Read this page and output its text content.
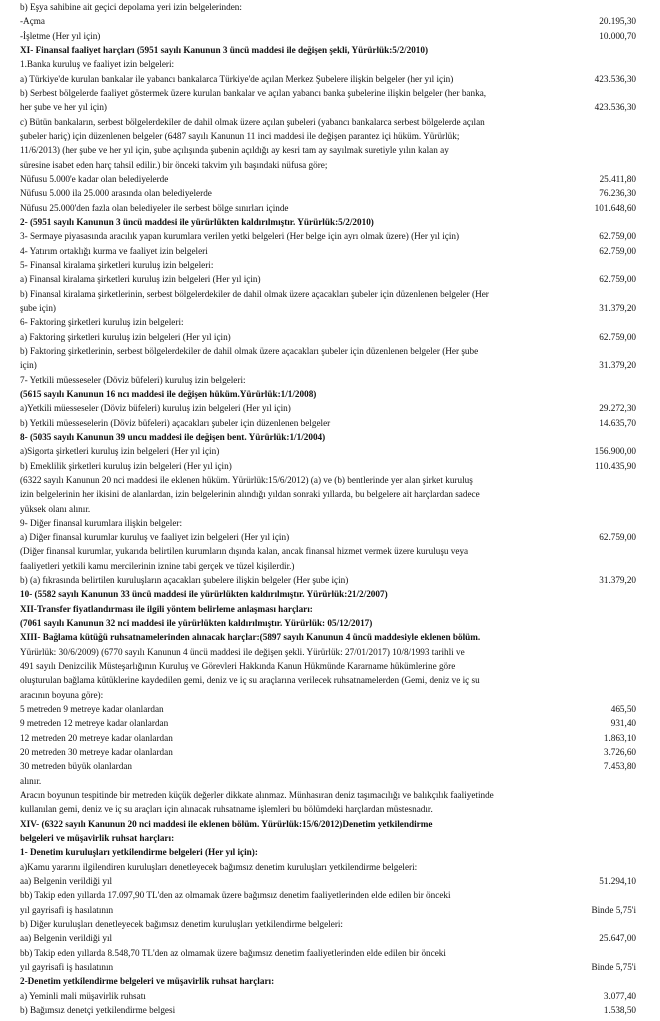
b) Eşya sahibine ait geçici depolama yeri izin belgelerinden:
-Açma	20.195,30
-İşletme (Her yıl için)	10.000,70
XI- Finansal faaliyet harçları (5951 sayılı Kanunun 3 üncü maddesi ile değişen şekli, Yürürlük:5/2/2010)
1.Banka kuruluş ve faaliyet izin belgeleri:
a) Türkiye'de kurulan bankalar ile yabancı bankalarca Türkiye'de açılan Merkez Şubelere ilişkin belgeler (her yıl için)	423.536,30
b) Serbest bölgelerde faaliyet göstermek üzere kurulan bankalar ve açılan yabancı banka şubelerine ilişkin belgeler (her banka,
her şube ve her yıl için)	423.536,30
c) Bütün bankaların, serbest bölgelerdekiler de dahil olmak üzere açılan şubeleri (yabancı bankalarca serbest bölgelerde açılan
şubeler hariç) için düzenlenen belgeler (6487 sayılı Kanunun 11 inci maddesi ile değişen parantez içi hüküm. Yürürlük;
11/6/2013) (her şube ve her yıl için, şube açılışında şubenin açıldığı ay kesri tam ay sayılmak suretiyle yılın kalan ay
süresine isabet eden harç tahsil edilir.) bir önceki takvim yılı başındaki nüfusa göre;
Nüfusu 5.000'e kadar olan belediyelerde	25.411,80
Nüfusu 5.000 ila 25.000 arasında olan belediyelerde	76.236,30
Nüfusu 25.000'den fazla olan belediyeler ile serbest bölge sınırları içinde	101.648,60
2- (5951 sayılı Kanunun 3 üncü maddesi ile yürürlükten kaldırılmıştır. Yürürlük:5/2/2010)
3- Sermaye piyasasında aracılık yapan kurumlara verilen yetki belgeleri (Her belge için ayrı olmak üzere) (Her yıl için)	62.759,00
4- Yatırım ortaklığı kurma ve faaliyet izin belgeleri	62.759,00
5- Finansal kiralama şirketleri kuruluş izin belgeleri:
a) Finansal kiralama şirketleri kuruluş izin belgeleri (Her yıl için)	62.759,00
b) Finansal kiralama şirketlerinin, serbest bölgelerdekiler de dahil olmak üzere açacakları şubeler için düzenlenen belgeler (Her
şube için)	31.379,20
6- Faktoring şirketleri kuruluş izin belgeleri:
a) Faktoring şirketleri kuruluş izin belgeleri (Her yıl için)	62.759,00
b) Faktoring şirketlerinin, serbest bölgelerdekiler de dahil olmak üzere açacakları şubeler için düzenlenen belgeler (Her şube
için)	31.379,20
7- Yetkili müesseseler (Döviz büfeleri) kuruluş izin belgeleri:
(5615 sayılı Kanunun 16 ncı maddesi ile değişen hüküm.Yürürlük:1/1/2008)
a)Yetkili müesseseler (Döviz büfeleri) kuruluş izin belgeleri (Her yıl için)	29.272,30
b) Yetkili müesseselerin (Döviz büfeleri) açacakları şubeler için düzenlenen belgeler	14.635,70
8- (5035 sayılı Kanunun 39 uncu maddesi ile değişen bent. Yürürlük:1/1/2004)
a)Sigorta şirketleri kuruluş izin belgeleri (Her yıl için)	156.900,00
b) Emeklilik şirketleri kuruluş izin belgeleri (Her yıl için)	110.435,90
(6322 sayılı Kanunun 20 nci maddesi ile eklenen hüküm. Yürürlük:15/6/2012) (a) ve (b) bentlerinde yer alan şirket kuruluş
izin belgelerinin her ikisini de alanlardan, izin belgelerinin alındığı yıldan sonraki yıllarda, bu belgelere ait harçlardan sadece
yüksek olanı alınır.
9- Diğer finansal kurumlara ilişkin belgeler:
a) Diğer finansal kurumlar kuruluş ve faaliyet izin belgeleri (Her yıl için)	62.759,00
(Diğer finansal kurumlar, yukarıda belirtilen kurumların dışında kalan, ancak finansal hizmet vermek üzere kuruluşu veya
faaliyetleri yetkili kamu mercilerinin iznine tabi gerçek ve tüzel kişilerdir.)
b) (a) fıkrasında belirtilen kuruluşların açacakları şubelere ilişkin belgeler (Her şube için)	31.379,20
10- (5582 sayılı Kanunun 33 üncü maddesi ile yürürlükten kaldırılmıştır. Yürürlük:21/2/2007)
XII-Transfer fiyatlandırması ile ilgili yöntem belirleme anlaşması harçları:
(7061 sayılı Kanunun 32 nci maddesi ile yürürlükten kaldırılmıştır. Yürürlük: 05/12/2017)
XIII- Bağlama kütüğü ruhsatnamelerinden alınacak harçlar:(5897 sayılı Kanunun 4 üncü maddesiyle eklenen bölüm.
Yürürlük: 30/6/2009) (6770 sayılı Kanunun 4 üncü maddesi ile değişen şekli. Yürürlük: 27/01/2017) 10/8/1993 tarihli ve
491 sayılı Denizcilik Müsteşarlığının Kuruluş ve Görevleri Hakkında Kanun Hükmünde Kararname hükümlerine göre
oluşturulan bağlama kütüklerine kaydedilen gemi, deniz ve iç su araçlarına verilecek ruhsatnamelerden (Gemi, deniz ve iç su
aracının boyuna göre):
5 metreden 9 metreye kadar olanlardan	465,50
9 metreden 12 metreye kadar olanlardan	931,40
12 metreden 20 metreye kadar olanlardan	1.863,10
20 metreden 30 metreye kadar olanlardan	3.726,60
30 metreden büyük olanlardan	7.453,80
alınır.
Aracın boyunun tespitinde bir metreden küçük değerler dikkate alınmaz. Münhasıran deniz taşımacılığı ve balıkçılık faaliyetinde
kullanılan gemi, deniz ve iç su araçları için alınacak ruhsatname işlemleri bu bölümdeki harçlardan müstesnadır.
XIV- (6322 sayılı Kanunun 20 nci maddesi ile eklenen bölüm. Yürürlük:15/6/2012)Denetim yetkilendirme
belgeleri ve müşavirlik ruhsat harçları:
1- Denetim kuruluşları yetkilendirme belgeleri (Her yıl için):
a)Kamu yararını ilgilendiren kuruluşları denetleyecek bağımsız denetim kuruluşları yetkilendirme belgeleri:
aa) Belgenin verildiği yıl	51.294,10
bb) Takip eden yıllarda 17.097,90 TL'den az olmamak üzere bağımsız denetim faaliyetlerinden elde edilen bir önceki
yıl gayrisafi iş hasılatının	Binde 5,75'i
b) Diğer kuruluşları denetleyecek bağımsız denetim kuruluşları yetkilendirme belgeleri:
aa) Belgenin verildiği yıl	25.647,00
bb) Takip eden yıllarda 8.548,70 TL'den az olmamak üzere bağımsız denetim faaliyetlerinden elde edilen bir önceki
yıl gayrisafi iş hasılatının	Binde 5,75'i
2-Denetim yetkilendirme belgeleri ve müşavirlik ruhsat harçları:
a) Yeminli mali müşavirlik ruhsatı	3.077,40
b) Bağımsız denetçi yetkilendirme belgesi	1.538,50
